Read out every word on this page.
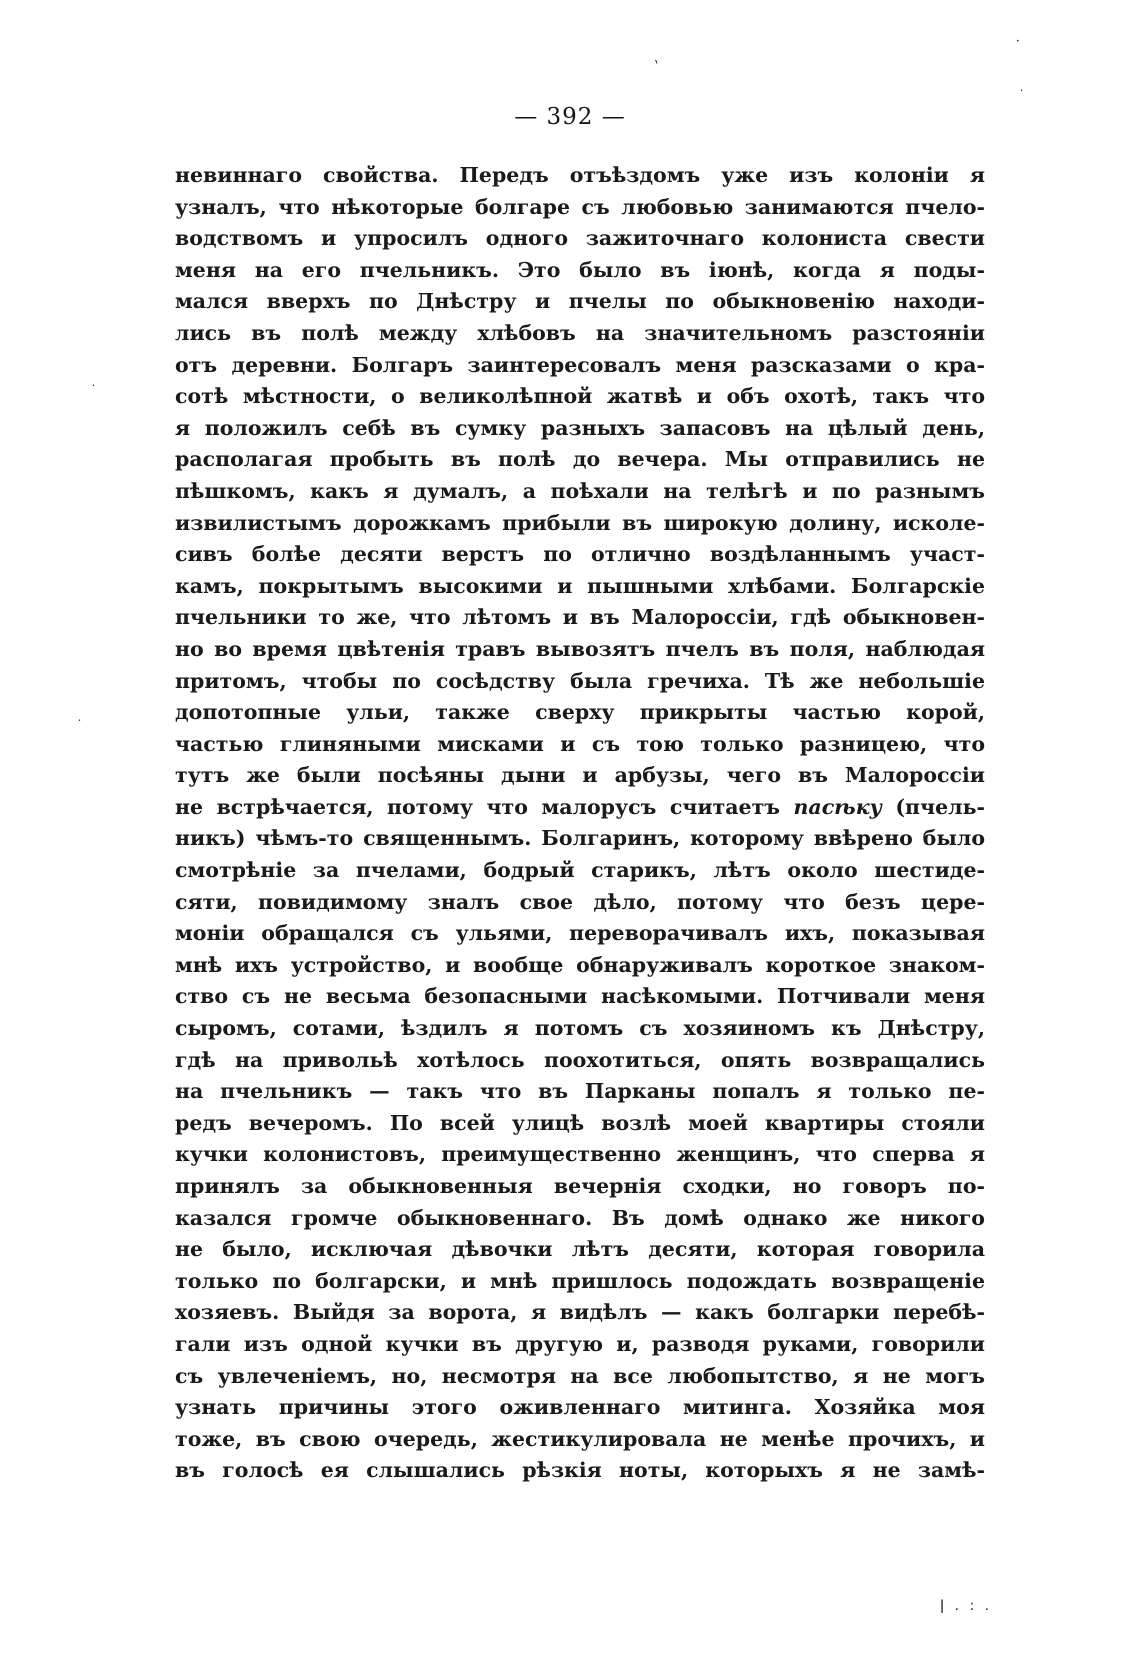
ˋ
•
•
•
•
ǀ . : .
— 392 —
невиннаго свойства. Передъ отъѣздомъ уже изъ колоніи я
узналъ, что нѣкоторые болгаре съ любовью занимаются пчело-
водствомъ и упросилъ одного зажиточнаго колониста свести
меня на его пчельникъ. Это было въ іюнѣ, когда я поды-
мался вверхъ по Днѣстру и пчелы по обыкновенію находи-
лись въ полѣ между хлѣбовъ на значительномъ разстояніи
отъ деревни. Болгаръ заинтересовалъ меня разсказами о кра-
сотѣ мѣстности, о великолѣпной жатвѣ и объ охотѣ, такъ что
я положилъ себѣ въ сумку разныхъ запасовъ на цѣлый день,
располагая пробыть въ полѣ до вечера. Мы отправились не
пѣшкомъ, какъ я думалъ, а поѣхали на телѣгѣ и по разнымъ
извилистымъ дорожкамъ прибыли въ широкую долину, исколе-
сивъ болѣе десяти верстъ по отлично воздѣланнымъ участ-
камъ, покрытымъ высокими и пышными хлѣбами. Болгарскіе
пчельники то же, что лѣтомъ и въ Малороссіи, гдѣ обыкновен-
но во время цвѣтенія травъ вывозятъ пчелъ въ поля, наблюдая
притомъ, чтобы по сосѣдству была гречиха. Тѣ же небольшіе
допотопные ульи, также сверху прикрыты частью корой,
частью глиняными мисками и съ тою только разницею, что
тутъ же были посѣяны дыни и арбузы, чего въ Малороссіи
не встрѣчается, потому что малорусъ считаетъ пасѣку (пчель-
никъ) чѣмъ-то священнымъ. Болгаринъ, которому ввѣрено было
смотрѣніе за пчелами, бодрый старикъ, лѣтъ около шестиде-
сяти, повидимому зналъ свое дѣло, потому что безъ цере-
моніи обращался съ ульями, переворачивалъ ихъ, показывая
мнѣ ихъ устройство, и вообще обнаруживалъ короткое знаком-
ство съ не весьма безопасными насѣкомыми. Потчивали меня
сыромъ, сотами, ѣздилъ я потомъ съ хозяиномъ къ Днѣстру,
гдѣ на привольѣ хотѣлось поохотиться, опять возвращались
на пчельникъ — такъ что въ Парканы попалъ я только пе-
редъ вечеромъ. По всей улицѣ возлѣ моей квартиры стояли
кучки колонистовъ, преимущественно женщинъ, что сперва я
принялъ за обыкновенныя вечернія сходки, но говоръ по-
казался громче обыкновеннаго. Въ домѣ однако же никого
не было, исключая дѣвочки лѣтъ десяти, которая говорила
только по болгарски, и мнѣ пришлось подождать возвращеніе
хозяевъ. Выйдя за ворота, я видѣлъ — какъ болгарки перебѣ-
гали изъ одной кучки въ другую и, разводя руками, говорили
съ увлеченіемъ, но, несмотря на все любопытство, я не могъ
узнать причины этого оживленнаго митинга. Хозяйка моя
тоже, въ свою очередь, жестикулировала не менѣе прочихъ, и
въ голосѣ ея слышались рѣзкія ноты, которыхъ я не замѣ-
